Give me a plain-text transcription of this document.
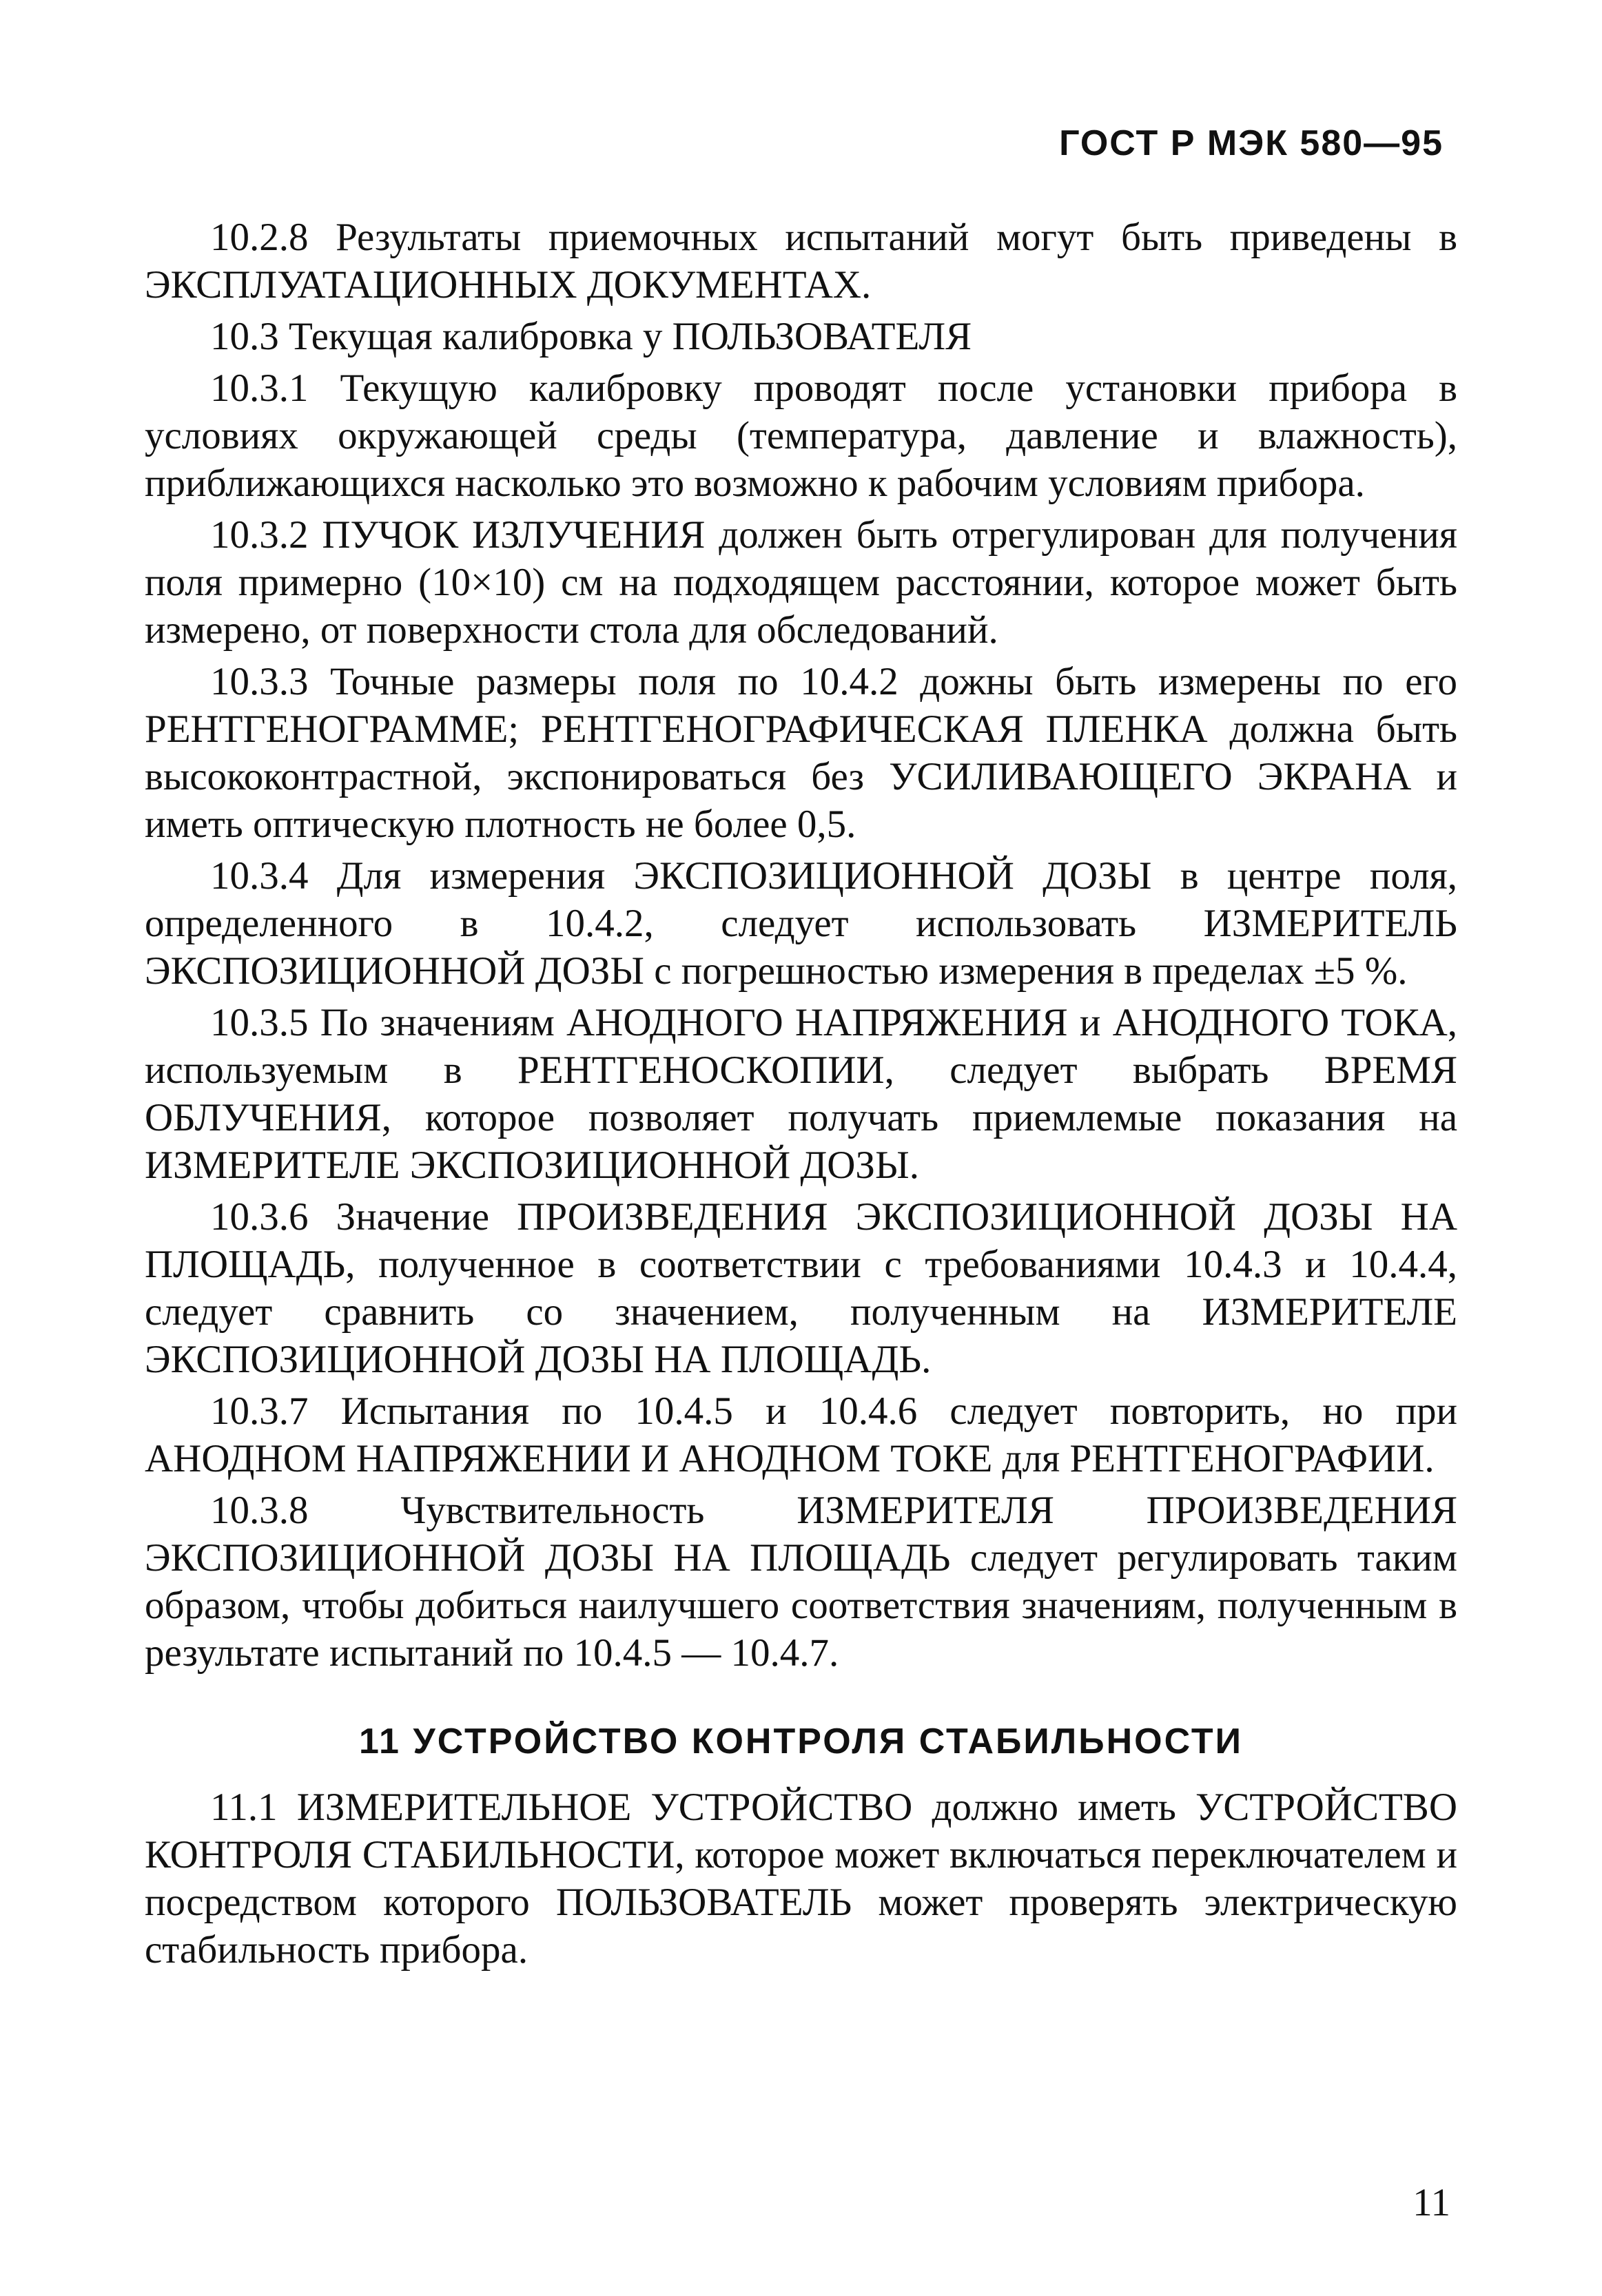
ГОСТ Р МЭК 580—95

10.2.8 Результаты приемочных испытаний могут быть приведены в ЭКСПЛУАТАЦИОННЫХ ДОКУМЕНТАХ.

10.3 Текущая калибровка у ПОЛЬЗОВАТЕЛЯ

10.3.1 Текущую калибровку проводят после установки прибора в условиях окружающей среды (температура, давление и влажность), приближающихся насколько это возможно к рабочим условиям прибора.

10.3.2 ПУЧОК ИЗЛУЧЕНИЯ должен быть отрегулирован для получения поля примерно (10×10) см на подходящем расстоянии, которое может быть измерено, от поверхности стола для обследований.

10.3.3 Точные размеры поля по 10.4.2 дожны быть измерены по его РЕНТГЕНОГРАММЕ; РЕНТГЕНОГРАФИЧЕСКАЯ ПЛЕНКА должна быть высококонтрастной, экспонироваться без УСИЛИВАЮЩЕГО ЭКРАНА и иметь оптическую плотность не более 0,5.

10.3.4 Для измерения ЭКСПОЗИЦИОННОЙ ДОЗЫ в центре поля, определенного в 10.4.2, следует использовать ИЗМЕРИТЕЛЬ ЭКСПОЗИЦИОННОЙ ДОЗЫ с погрешностью измерения в пределах ±5 %.

10.3.5 По значениям АНОДНОГО НАПРЯЖЕНИЯ и АНОДНОГО ТОКА, используемым в РЕНТГЕНОСКОПИИ, следует выбрать ВРЕМЯ ОБЛУЧЕНИЯ, которое позволяет получать приемлемые показания на ИЗМЕРИТЕЛЕ ЭКСПОЗИЦИОННОЙ ДОЗЫ.

10.3.6 Значение ПРОИЗВЕДЕНИЯ ЭКСПОЗИЦИОННОЙ ДОЗЫ НА ПЛОЩАДЬ, полученное в соответствии с требованиями 10.4.3 и 10.4.4, следует сравнить со значением, полученным на ИЗМЕРИТЕЛЕ ЭКСПОЗИЦИОННОЙ ДОЗЫ НА ПЛОЩАДЬ.

10.3.7 Испытания по 10.4.5 и 10.4.6 следует повторить, но при АНОДНОМ НАПРЯЖЕНИИ И АНОДНОМ ТОКЕ для РЕНТГЕНОГРАФИИ.

10.3.8 Чувствительность ИЗМЕРИТЕЛЯ ПРОИЗВЕДЕНИЯ ЭКСПОЗИЦИОННОЙ ДОЗЫ НА ПЛОЩАДЬ следует регулировать таким образом, чтобы добиться наилучшего соответствия значениям, полученным в результате испытаний по 10.4.5 — 10.4.7.

11 УСТРОЙСТВО КОНТРОЛЯ СТАБИЛЬНОСТИ

11.1 ИЗМЕРИТЕЛЬНОЕ УСТРОЙСТВО должно иметь УСТРОЙСТВО КОНТРОЛЯ СТАБИЛЬНОСТИ, которое может включаться переключателем и посредством которого ПОЛЬЗОВАТЕЛЬ может проверять электрическую стабильность прибора.

11
